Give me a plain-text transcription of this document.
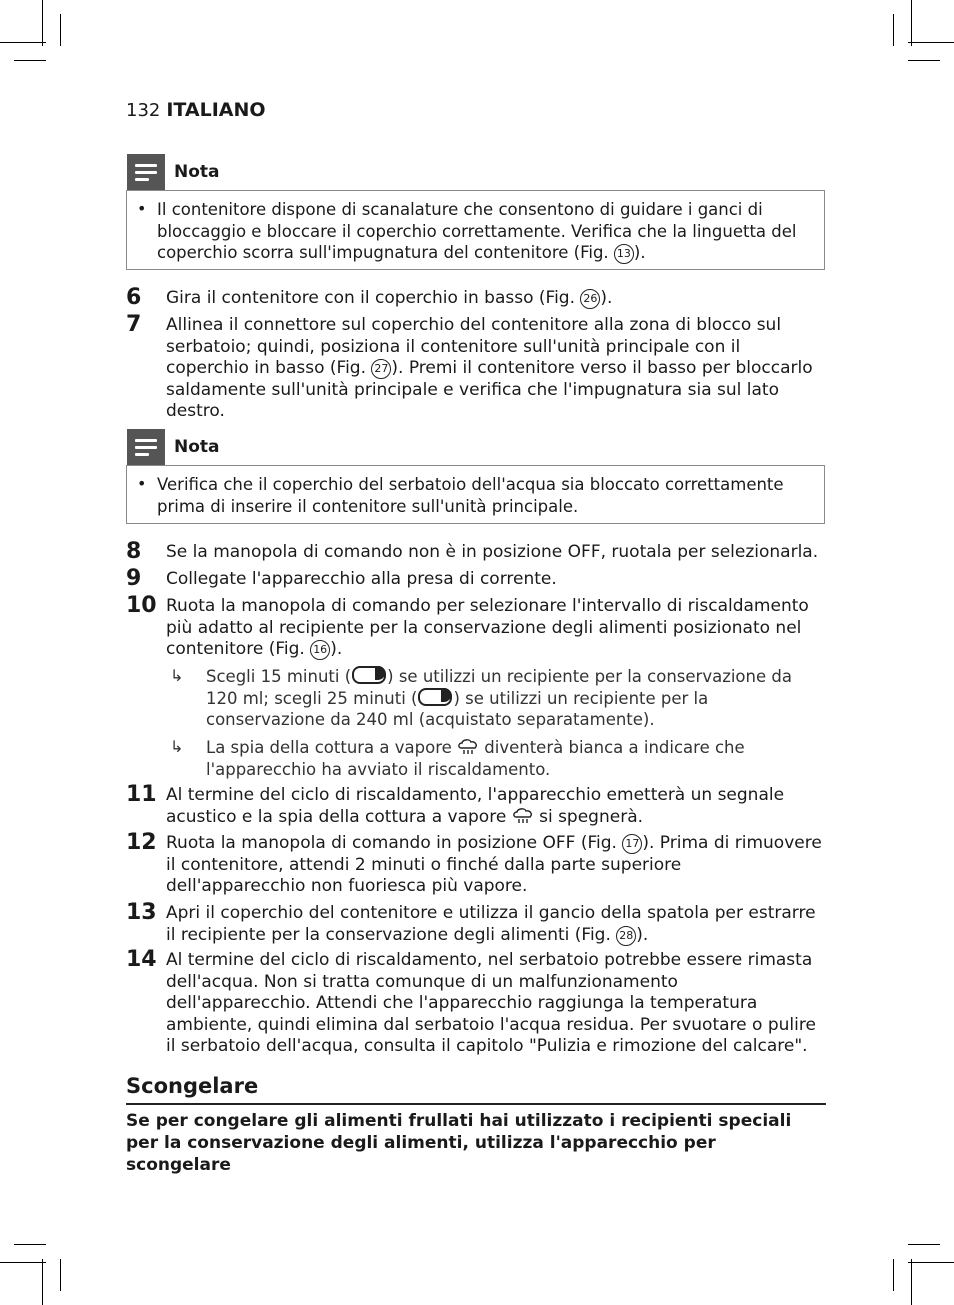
132 ITALIANO
Nota
• Il contenitore dispone di scanalature che consentono di guidare i ganci di bloccaggio e bloccare il coperchio correttamente. Verifica che la linguetta del coperchio scorra sull'impugnatura del contenitore (Fig. 13 ).
6	Gira il contenitore con il coperchio in basso (Fig. 26 ).
7	Allinea il connettore sul coperchio del contenitore alla zona di blocco sul serbatoio; quindi, posiziona il contenitore sull'unità principale con il coperchio in basso (Fig. 27 ). Premi il contenitore verso il basso per bloccarlo saldamente sull'unità principale e verifica che l'impugnatura sia sul lato destro.
Nota
• Verifica che il coperchio del serbatoio dell'acqua sia bloccato correttamente prima di inserire il contenitore sull'unità principale.
8	Se la manopola di comando non è in posizione OFF, ruotala per selezionarla.
9	Collegate l'apparecchio alla presa di corrente.
10 Ruota la manopola di comando per selezionare l'intervallo di riscaldamento più adatto al recipiente per la conservazione degli alimenti posizionato nel contenitore (Fig. 16 ).
↳ Scegli 15 minuti ( ) se utilizzi un recipiente per la conservazione da 120 ml; scegli 25 minuti ( ) se utilizzi un recipiente per la conservazione da 240 ml (acquistato separatamente).
↳ La spia della cottura a vapore  diventerà bianca a indicare che l'apparecchio ha avviato il riscaldamento.
11 Al termine del ciclo di riscaldamento, l'apparecchio emetterà un segnale acustico e la spia della cottura a vapore  si spegnerà.
12 Ruota la manopola di comando in posizione OFF (Fig. 17 ). Prima di rimuovere il contenitore, attendi 2 minuti o finché dalla parte superiore dell'apparecchio non fuoriesca più vapore.
13 Apri il coperchio del contenitore e utilizza il gancio della spatola per estrarre il recipiente per la conservazione degli alimenti (Fig. 28 ).
14 Al termine del ciclo di riscaldamento, nel serbatoio potrebbe essere rimasta dell'acqua. Non si tratta comunque di un malfunzionamento dell'apparecchio. Attendi che l'apparecchio raggiunga la temperatura ambiente, quindi elimina dal serbatoio l'acqua residua. Per svuotare o pulire il serbatoio dell'acqua, consulta il capitolo "Pulizia e rimozione del calcare".
Scongelare
Se per congelare gli alimenti frullati hai utilizzato i recipienti speciali per la conservazione degli alimenti, utilizza l'apparecchio per scongelare
